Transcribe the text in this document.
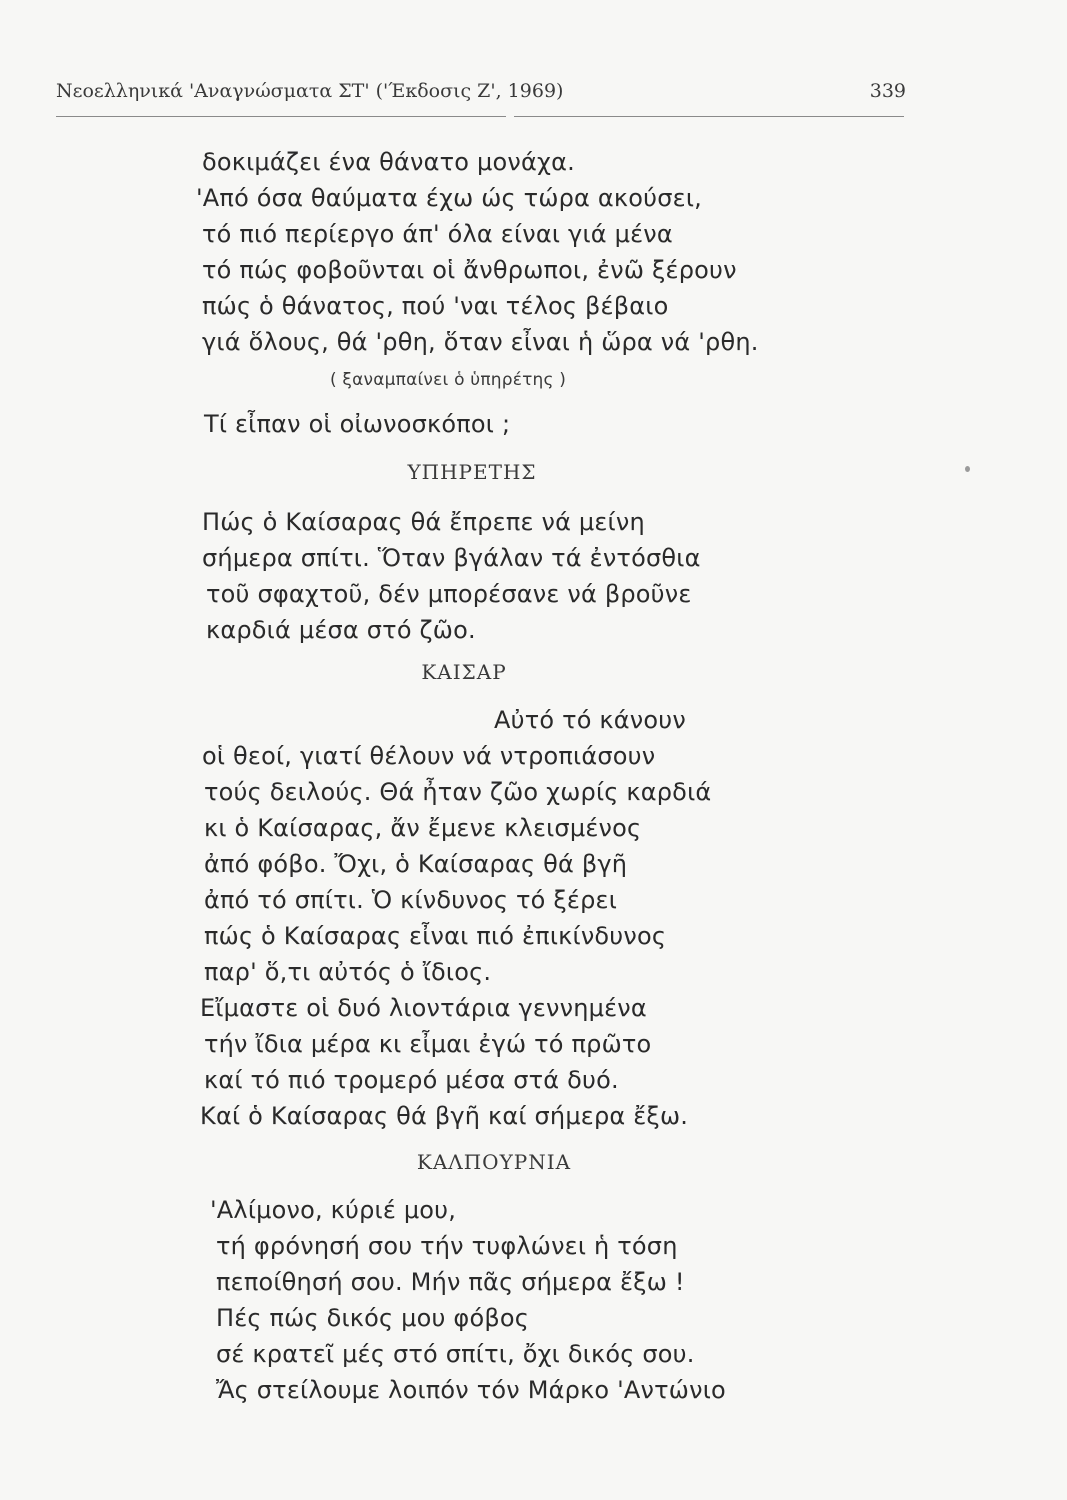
Νεοελληνικά 'Αναγνώσματα ΣΤ' ('Έκδοσις Ζ', 1969)	339
δοκιμάζει ένα θάνατο μονάχα.
'Από όσα θαύματα έχω ώς τώρα ακούσει,
τό πιό περίεργο άπ' όλα είναι γιά μένα
τό πώς φοβοῦνται οἱ ἄνθρωποι, ἐνῶ ξέρουν
πώς ὁ θάνατος, πού 'ναι τέλος βέβαιο
γιά ὅλους, θά 'ρθη, ὅταν εἶναι ἡ ὥρα νά 'ρθη.
( ξαναμπαίνει ὁ ὑπηρέτης )
Τί εἶπαν οἱ οἰωνοσκόποι ;
ΥΠΗΡΕΤΗΣ
Πώς ὁ Καίσαρας θά ἔπρεπε νά μείνη
σήμερα σπίτι. Ὅταν βγάλαν τά ἐντόσθια
τοῦ σφαχτοῦ, δέν μπορέσανε νά βροῦνε
καρδιά μέσα στό ζῶο.
ΚΑΙΣΑΡ
Αὐτό τό κάνουν
οἱ θεοί, γιατί θέλουν νά ντροπιάσουν
τούς δειλούς. Θά ἦταν ζῶο χωρίς καρδιά
κι ὁ Καίσαρας, ἄν ἔμενε κλεισμένος
ἀπό φόβο. Ὄχι, ὁ Καίσαρας θά βγῆ
ἀπό τό σπίτι. Ὁ κίνδυνος τό ξέρει
πώς ὁ Καίσαρας εἶναι πιό ἐπικίνδυνος
παρ' ὅ,τι αὐτός ὁ ἴδιος.
Εἴμαστε οἱ δυό λιοντάρια γεννημένα
τήν ἴδια μέρα κι εἶμαι ἐγώ τό πρῶτο
καί τό πιό τρομερό μέσα στά δυό.
Καί ὁ Καίσαρας θά βγῆ καί σήμερα ἔξω.
ΚΑΛΠΟΥΡΝΙΑ
'Αλίμονο, κύριέ μου,
τή φρόνησή σου τήν τυφλώνει ἡ τόση
πεποίθησή σου. Μήν πᾶς σήμερα ἔξω !
Πές πώς δικός μου φόβος
σέ κρατεῖ μές στό σπίτι, ὄχι δικός σου.
Ἄς στείλουμε λοιπόν τόν Μάρκο 'Αντώνιο
